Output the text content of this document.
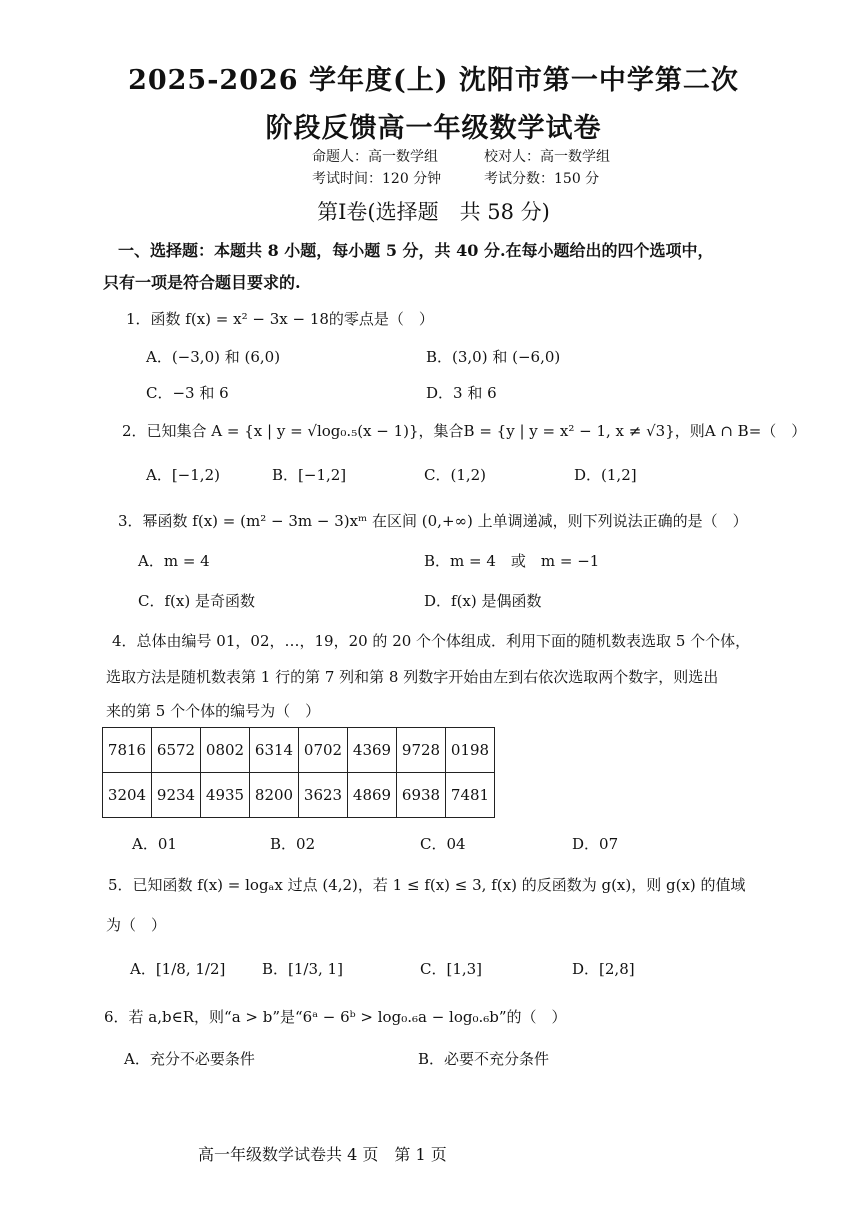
2025-2026 学年度(上) 沈阳市第一中学第二次
阶段反馈高一年级数学试卷
命题人：高一数学组	校对人：高一数学组
考试时间：120 分钟	考试分数：150 分
第Ⅰ卷(选择题　共 58 分)
一、选择题：本题共 8 小题，每小题 5 分，共 40 分.在每小题给出的四个选项中，
只有一项是符合题目要求的.
1．函数 f(x) = x² − 3x − 18的零点是（　）
A．(−3,0) 和 (6,0)	B．(3,0) 和 (−6,0)
C．−3 和 6	D．3 和 6
2．已知集合 A = {x | y = √log₀.₅(x − 1)}，集合B = {y | y = x² − 1, x ≠ √3}，则A ∩ B=（　）
A．[−1,2)	B．[−1,2]	C．(1,2)	D．(1,2]
3．幂函数 f(x) = (m² − 3m − 3)xᵐ 在区间 (0,+∞) 上单调递减，则下列说法正确的是（　）
A．m = 4	B．m = 4　或　m = −1
C．f(x) 是奇函数	D．f(x) 是偶函数
4．总体由编号 01，02，…，19，20 的 20 个个体组成．利用下面的随机数表选取 5 个个体，
选取方法是随机数表第 1 行的第 7 列和第 8 列数字开始由左到右依次选取两个数字，则选出
来的第 5 个个体的编号为（　）
7816	6572	0802	6314	0702	4369	9728	0198
3204	9234	4935	8200	3623	4869	6938	7481
A．01	B．02	C．04	D．07
5．已知函数 f(x) = logₐx 过点 (4,2)，若 1 ≤ f(x) ≤ 3, f(x) 的反函数为 g(x)，则 g(x) 的值域
为（　）
A．[1/8, 1/2] B．[1/3, 1]	C．[1,3]	D．[2,8]
6．若 a,b∈R，则“a > b”是“6ᵃ − 6ᵇ > log₀.₆a − log₀.₆b”的（　）
A．充分不必要条件	B．必要不充分条件
高一年级数学试卷共 4 页　第 1 页
